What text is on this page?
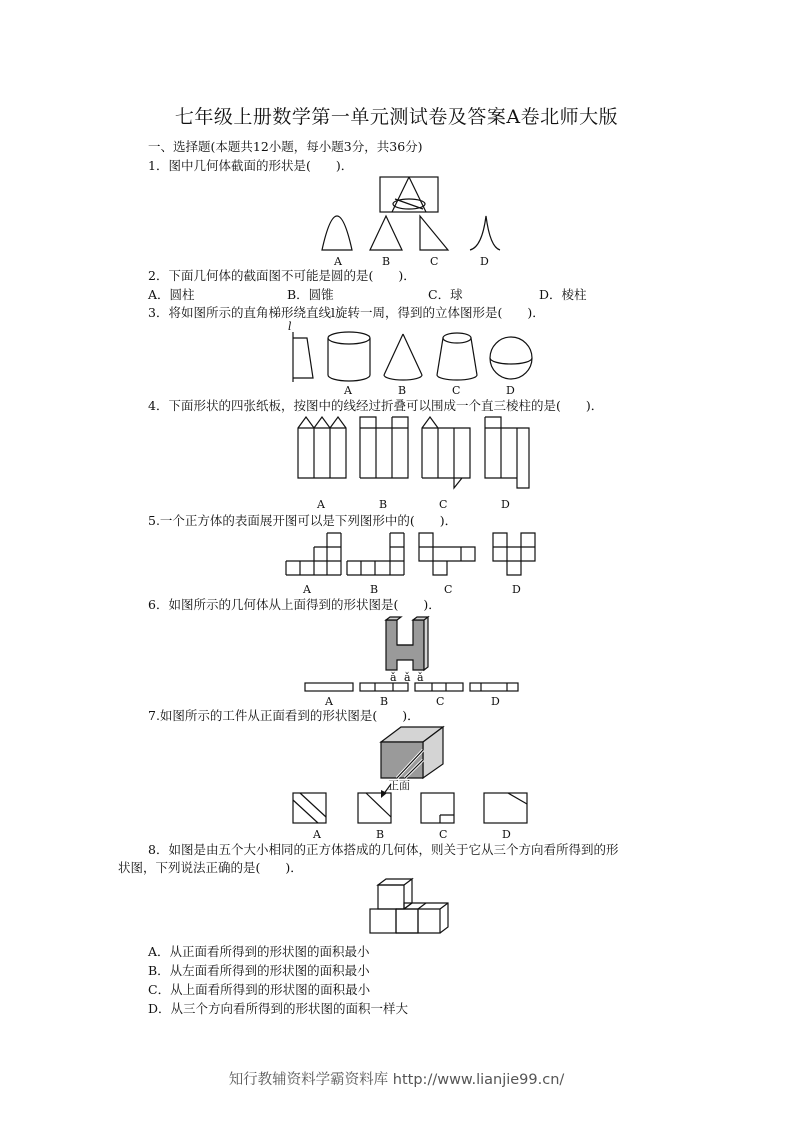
七年级上册数学第一单元测试卷及答案A卷北师大版
一、选择题(本题共12小题，每小题3分，共36分)
1．图中几何体截面的形状是(　　)．
A	B	C	D
2．下面几何体的截面图不可能是圆的是(　　)．
A．圆柱	B．圆锥	C．球	D．棱柱
3．将如图所示的直角梯形绕直线l旋转一周，得到的立体图形是(　　)．
l
A	B	C	D
4．下面形状的四张纸板，按图中的线经过折叠可以围成一个直三棱柱的是(　　)．
A	B	C	D
5.一个正方体的表面展开图可以是下列图形中的(　　)．
A	B	C	D
6．如图所示的几何体从上面得到的形状图是(　　)．
ǎ ǎ ǎ
A	B	C	D
7.如图所示的工件从正面看到的形状图是(　　)．
正面
A	B	C	D
8．如图是由五个大小相同的正方体搭成的几何体，则关于它从三个方向看所得到的形
状图，下列说法正确的是(　　)．
A．从正面看所得到的形状图的面积最小
B．从左面看所得到的形状图的面积最小
C．从上面看所得到的形状图的面积最小
D．从三个方向看所得到的形状图的面积一样大
知行教辅资料学霸资料库 http://www.lianjie99.cn/
